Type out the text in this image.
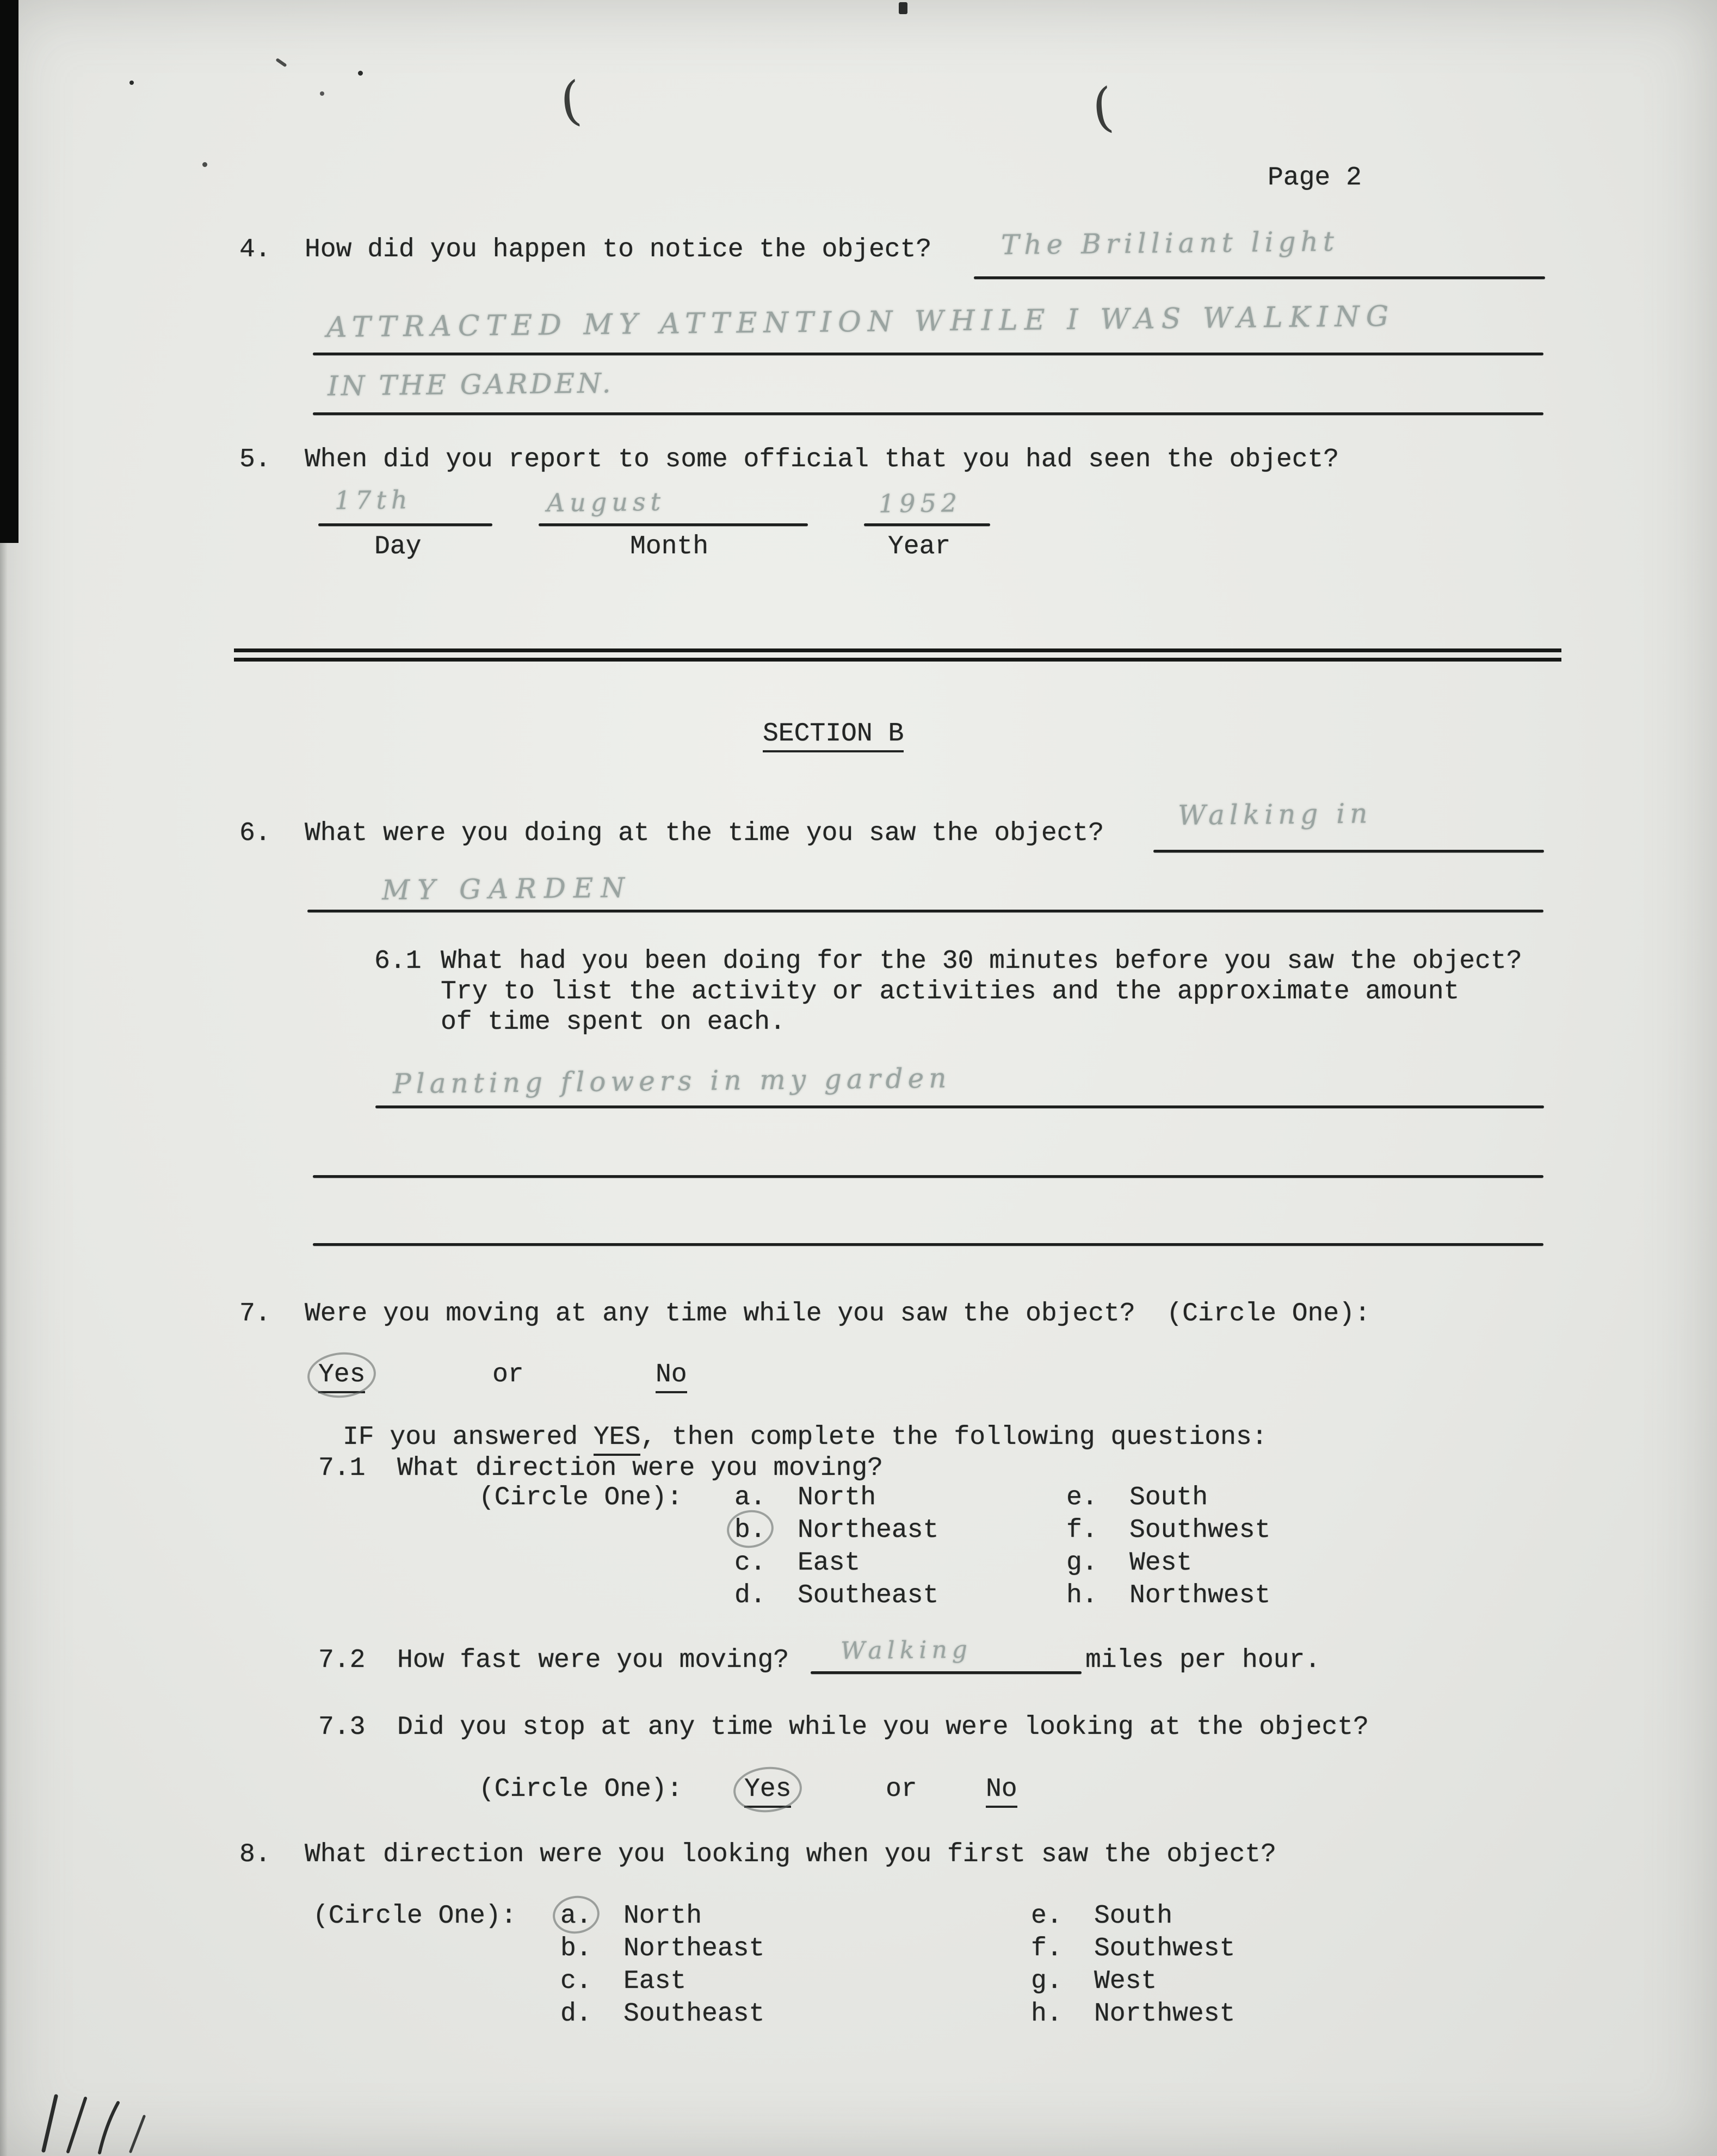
(	(
Page 2
4. How did you happen to notice the object?	The Brilliant light
ATTRACTED MY ATTENTION WHILE I WAS WALKING
IN THE GARDEN.
5. When did you report to some official that you had seen the object?
17th	August	1952
Day	Month	Year
SECTION B
6. What were you doing at the time you saw the object?
Walking in
MY GARDEN
6.1 What had you been doing for the 30 minutes before you saw the object?
Try to list the activity or activities and the approximate amount
of time spent on each.
Planting flowers in my garden
7. Were you moving at any time while you saw the object?  (Circle One):
Yes	or	No
IF you answered YES, then complete the following questions:
7.1 What direction were you moving?
(Circle One): a. North	e. South
b. Northeast	f. Southwest
c. East	g. West
d. Southeast	h. Northwest
7.2 How fast were you moving? Walking	miles per hour.
7.3 Did you stop at any time while you were looking at the object?
(Circle One): Yes	or	No
8. What direction were you looking when you first saw the object?
(Circle One): a. North	e. South
b. Northeast	f. Southwest
c. East	g. West
d. Southeast	h. Northwest
